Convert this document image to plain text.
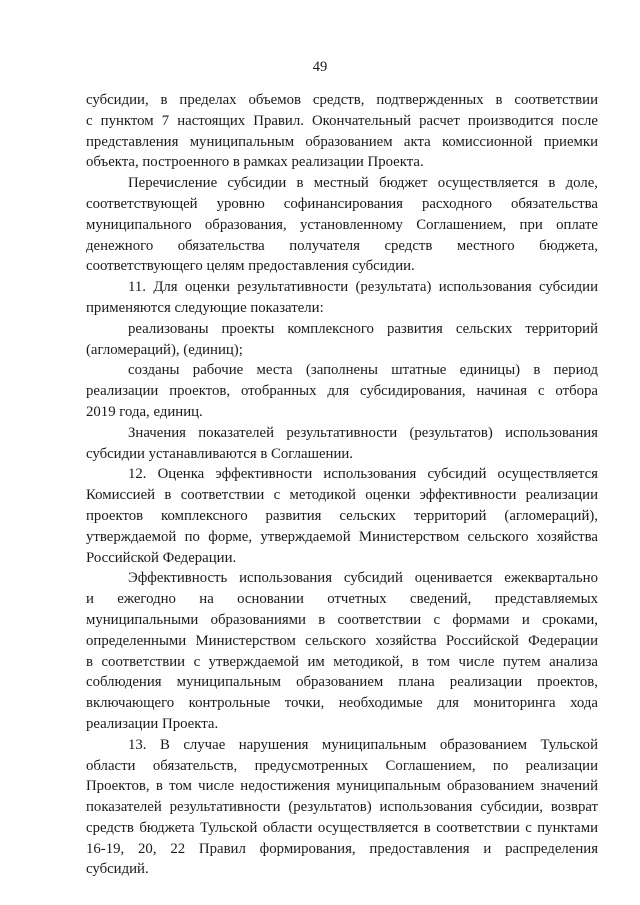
49

субсидии, в пределах объемов средств, подтвержденных в соответствии
с пунктом 7 настоящих Правил. Окончательный расчет производится после
представления муниципальным образованием акта комиссионной приемки
объекта, построенного в рамках реализации Проекта.

Перечисление субсидии в местный бюджет осуществляется в доле,
соответствующей уровню софинансирования расходного обязательства
муниципального образования, установленному Соглашением, при оплате
денежного обязательства получателя средств местного бюджета,
соответствующего целям предоставления субсидии.

11. Для оценки результативности (результата) использования субсидии
применяются следующие показатели:

реализованы проекты комплексного развития сельских территорий
(агломераций), (единиц);

созданы рабочие места (заполнены штатные единицы) в период
реализации проектов, отобранных для субсидирования, начиная с отбора
2019 года, единиц.

Значения показателей результативности (результатов) использования
субсидии устанавливаются в Соглашении.

12. Оценка эффективности использования субсидий осуществляется
Комиссией в соответствии с методикой оценки эффективности реализации
проектов комплексного развития сельских территорий (агломераций),
утверждаемой по форме, утверждаемой Министерством сельского хозяйства
Российской Федерации.

Эффективность использования субсидий оценивается ежеквартально
и ежегодно на основании отчетных сведений, представляемых
муниципальными образованиями в соответствии с формами и сроками,
определенными Министерством сельского хозяйства Российской Федерации
в соответствии с утверждаемой им методикой, в том числе путем анализа
соблюдения муниципальным образованием плана реализации проектов,
включающего контрольные точки, необходимые для мониторинга хода
реализации Проекта.

13. В случае нарушения муниципальным образованием Тульской
области обязательств, предусмотренных Соглашением, по реализации
Проектов, в том числе недостижения муниципальным образованием значений
показателей результативности (результатов) использования субсидии, возврат
средств бюджета Тульской области осуществляется в соответствии с пунктами
16-19, 20, 22 Правил формирования, предоставления и распределения
субсидий.
